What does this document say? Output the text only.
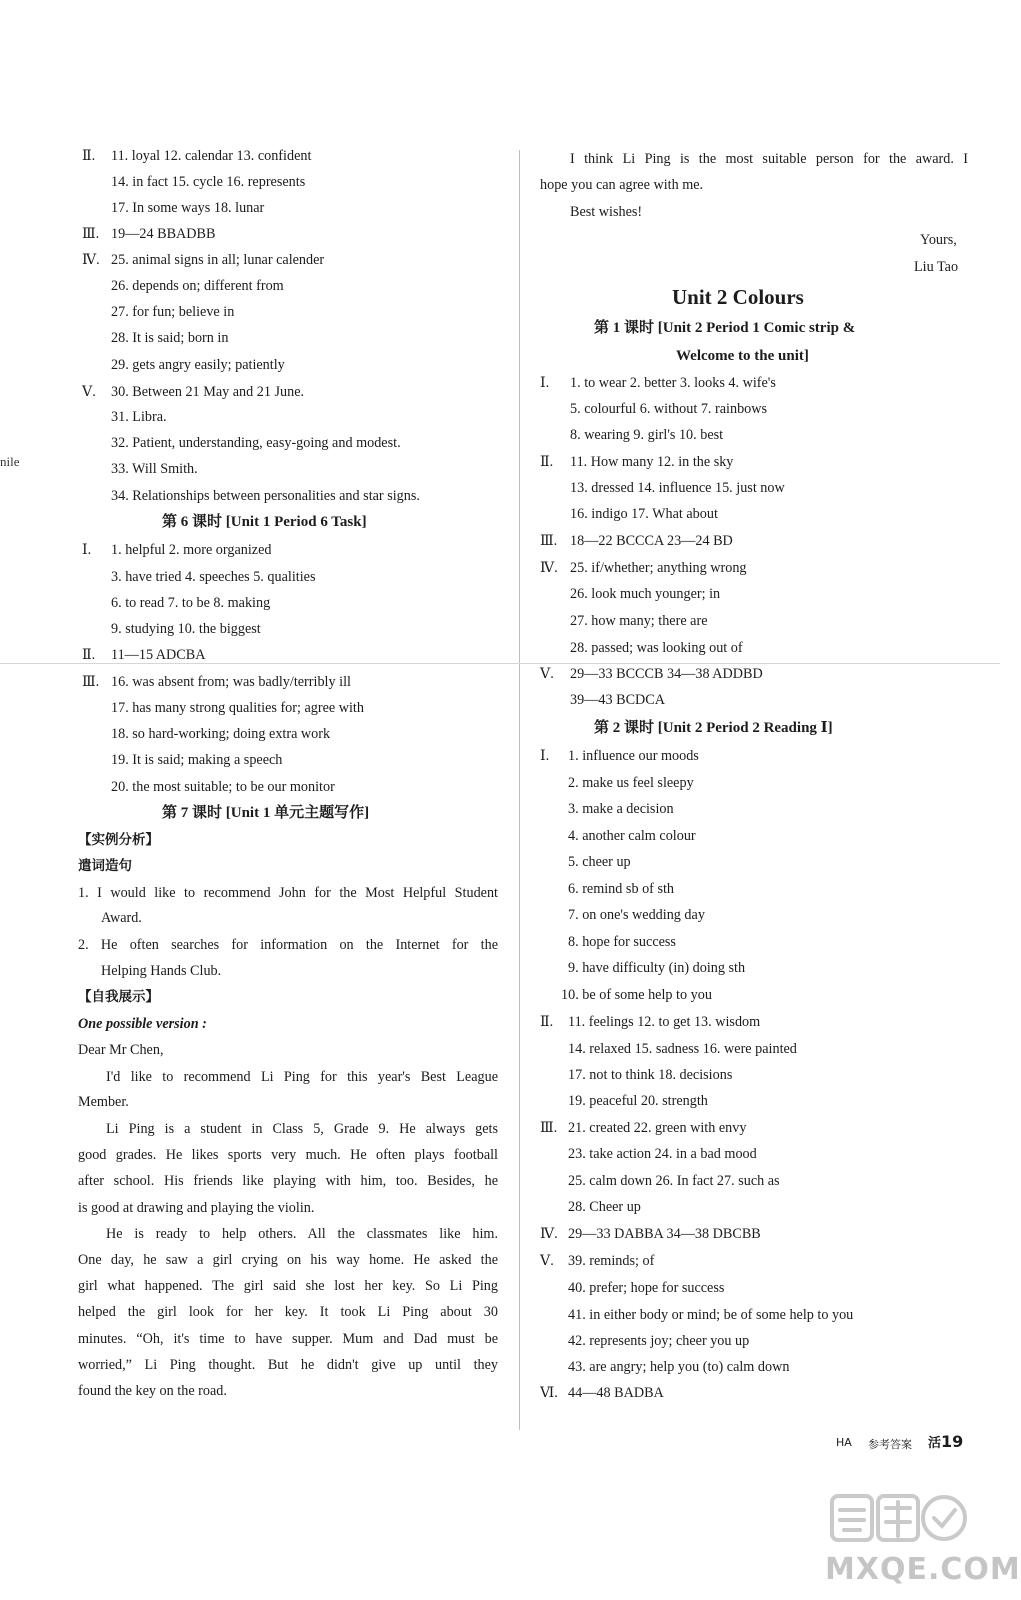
nile
Ⅱ. 11. loyal 12. calendar 13. confident
14. in fact 15. cycle 16. represents
17. In some ways 18. lunar
Ⅲ. 19—24 BBADBB
Ⅳ. 25. animal signs in all; lunar calender
26. depends on; different from
27. for fun; believe in
28. It is said; born in
29. gets angry easily; patiently
Ⅴ. 30. Between 21 May and 21 June.
31. Libra.
32. Patient, understanding, easy-going and modest.
33. Will Smith.
34. Relationships between personalities and star signs.
第 6 课时 [Unit 1 Period 6 Task]
Ⅰ. 1. helpful 2. more organized
3. have tried 4. speeches 5. qualities
6. to read 7. to be 8. making
9. studying 10. the biggest
Ⅱ. 11—15 ADCBA
Ⅲ. 16. was absent from; was badly/terribly ill
17. has many strong qualities for; agree with
18. so hard-working; doing extra work
19. It is said; making a speech
20. the most suitable; to be our monitor
第 7 课时 [Unit 1 单元主题写作]
【实例分析】
遣词造句
1. I would like to recommend John for the Most Helpful Student
Award.
2. He often searches for information on the Internet for the
Helping Hands Club.
【自我展示】
One possible version :
Dear Mr Chen,
I'd like to recommend Li Ping for this year's Best League
Member.
Li Ping is a student in Class 5, Grade 9. He always gets
good grades. He likes sports very much. He often plays football
after school. His friends like playing with him, too. Besides, he
is good at drawing and playing the violin.
He is ready to help others. All the classmates like him.
One day, he saw a girl crying on his way home. He asked the
girl what happened. The girl said she lost her key. So Li Ping
helped the girl look for her key. It took Li Ping about 30
minutes. “Oh, it's time to have supper. Mum and Dad must be
worried,” Li Ping thought. But he didn't give up until they
found the key on the road.
I think Li Ping is the most suitable person for the award. I
hope you can agree with me.
Best wishes!
Yours,
Liu Tao
Unit 2 Colours
第 1 课时 [Unit 2 Period 1 Comic strip &
Welcome to the unit]
Ⅰ. 1. to wear 2. better 3. looks 4. wife's
5. colourful 6. without 7. rainbows
8. wearing 9. girl's 10. best
Ⅱ. 11. How many 12. in the sky
13. dressed 14. influence 15. just now
16. indigo 17. What about
Ⅲ. 18—22 BCCCA 23—24 BD
Ⅳ. 25. if/whether; anything wrong
26. look much younger; in
27. how many; there are
28. passed; was looking out of
Ⅴ. 29—33 BCCCB 34—38 ADDBD
39—43 BCDCA
第 2 课时 [Unit 2 Period 2 Reading Ⅰ]
Ⅰ. 1. influence our moods
2. make us feel sleepy
3. make a decision
4. another calm colour
5. cheer up
6. remind sb of sth
7. on one's wedding day
8. hope for success
9. have difficulty (in) doing sth
10. be of some help to you
Ⅱ. 11. feelings 12. to get 13. wisdom
14. relaxed 15. sadness 16. were painted
17. not to think 18. decisions
19. peaceful 20. strength
Ⅲ. 21. created 22. green with envy
23. take action 24. in a bad mood
25. calm down 26. In fact 27. such as
28. Cheer up
Ⅳ. 29—33 DABBA 34—38 DBCBB
Ⅴ. 39. reminds; of
40. prefer; hope for success
41. in either body or mind; be of some help to you
42. represents joy; cheer you up
43. are angry; help you (to) calm down
Ⅵ. 44—48 BADBA
HA 参考答案 活19
MXQE.COM
